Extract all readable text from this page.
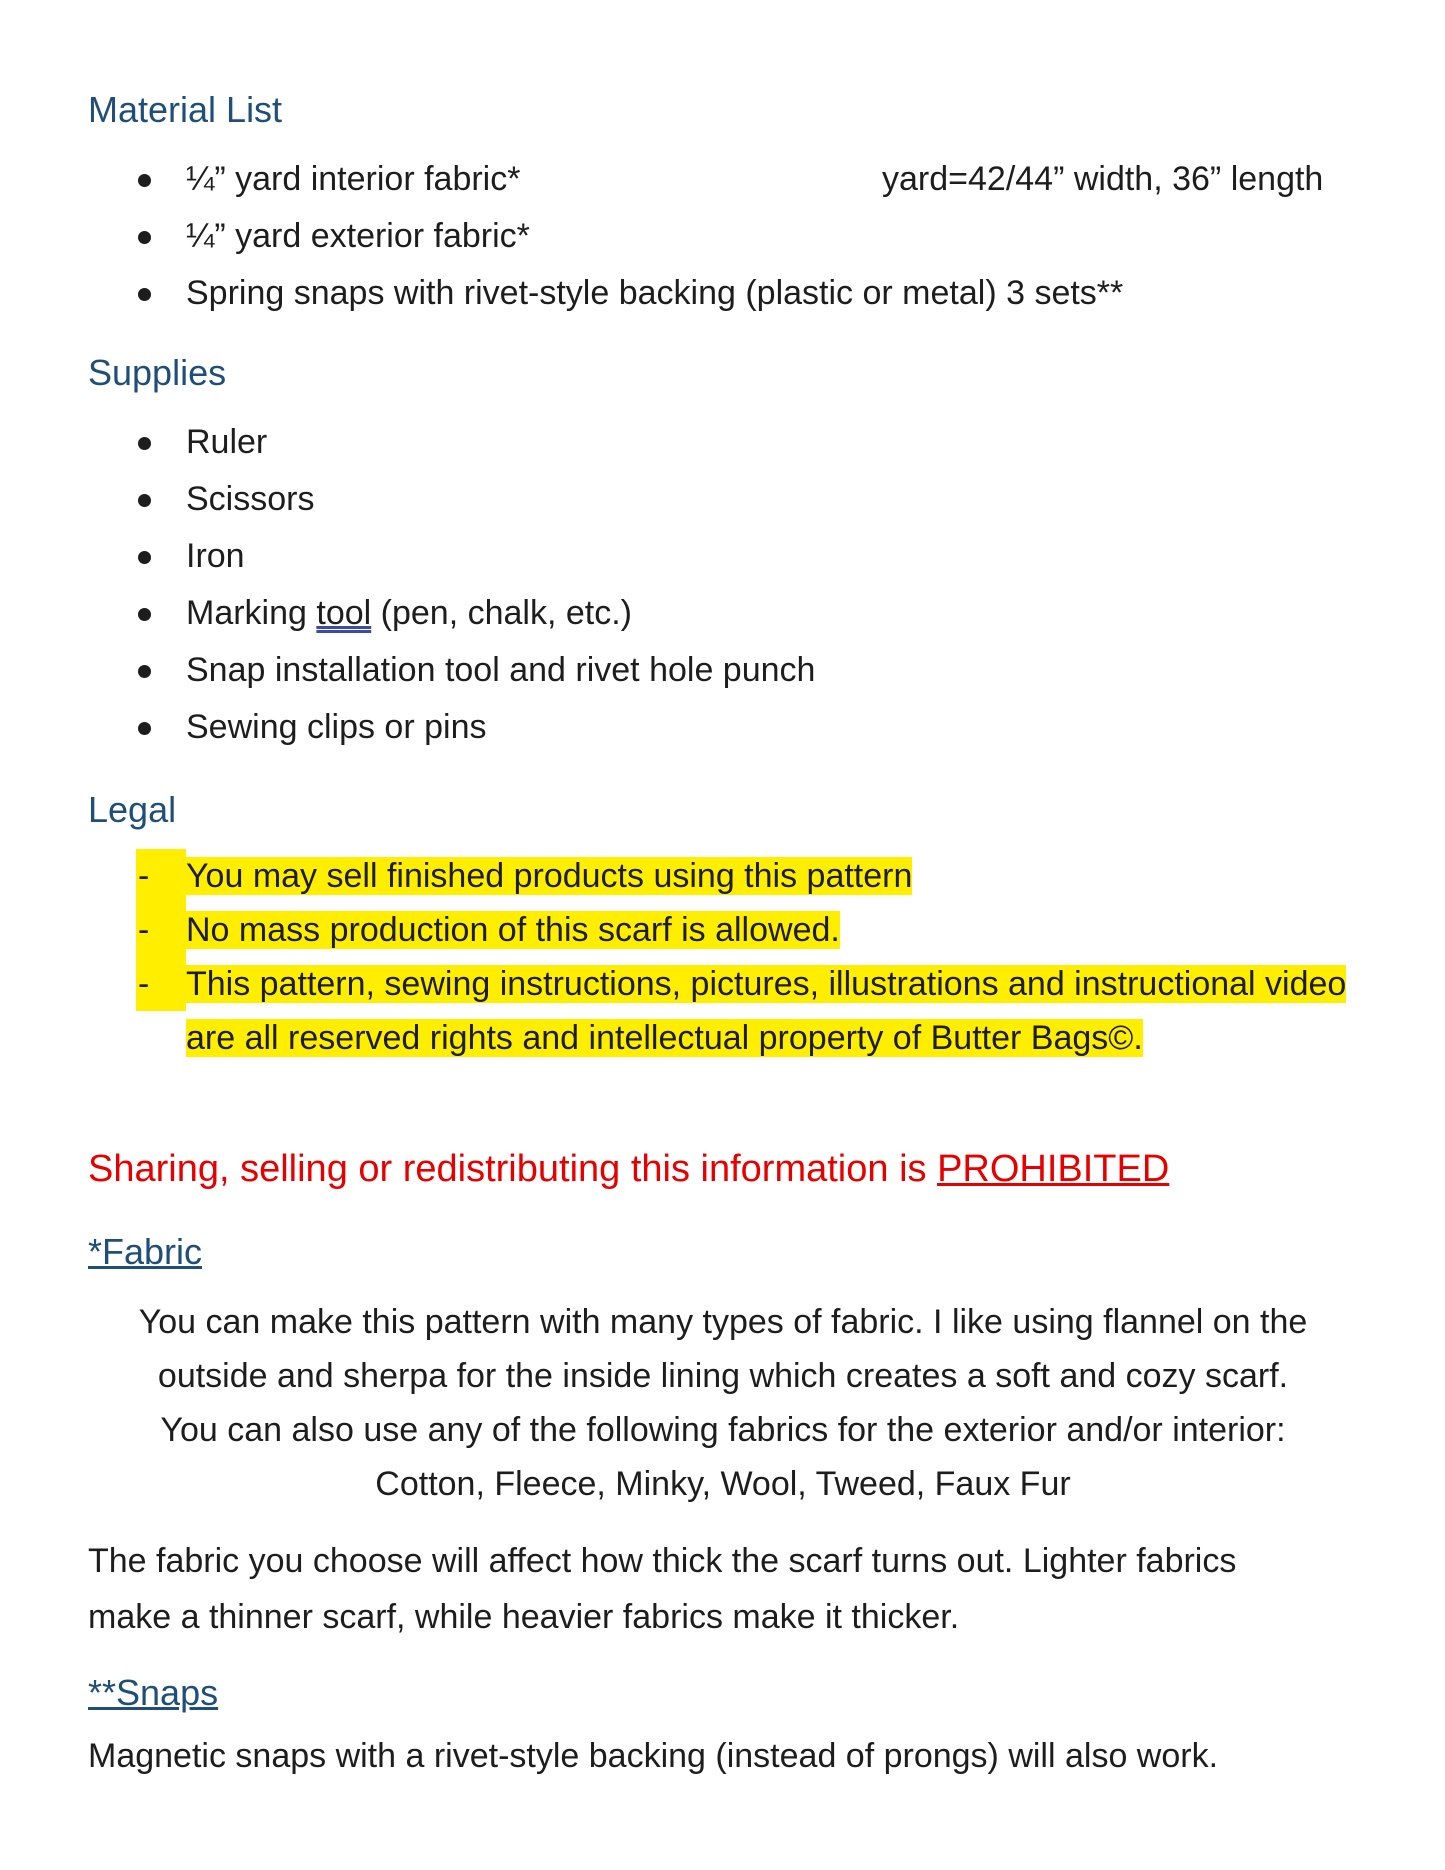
Material List
¼” yard interior fabric*	yard=42/44” width, 36” length
¼” yard exterior fabric*
Spring snaps with rivet-style backing (plastic or metal) 3 sets**
Supplies
Ruler
Scissors
Iron
Marking tool (pen, chalk, etc.)
Snap installation tool and rivet hole punch
Sewing clips or pins
Legal
-	You may sell finished products using this pattern
-	No mass production of this scarf is allowed.
-	This pattern, sewing instructions, pictures, illustrations and instructional video are all reserved rights and intellectual property of Butter Bags©.
Sharing, selling or redistributing this information is PROHIBITED
*Fabric
You can make this pattern with many types of fabric. I like using flannel on the
outside and sherpa for the inside lining which creates a soft and cozy scarf.
You can also use any of the following fabrics for the exterior and/or interior:
Cotton, Fleece, Minky, Wool, Tweed, Faux Fur
The fabric you choose will affect how thick the scarf turns out. Lighter fabrics
make a thinner scarf, while heavier fabrics make it thicker.
**Snaps
Magnetic snaps with a rivet-style backing (instead of prongs) will also work.
